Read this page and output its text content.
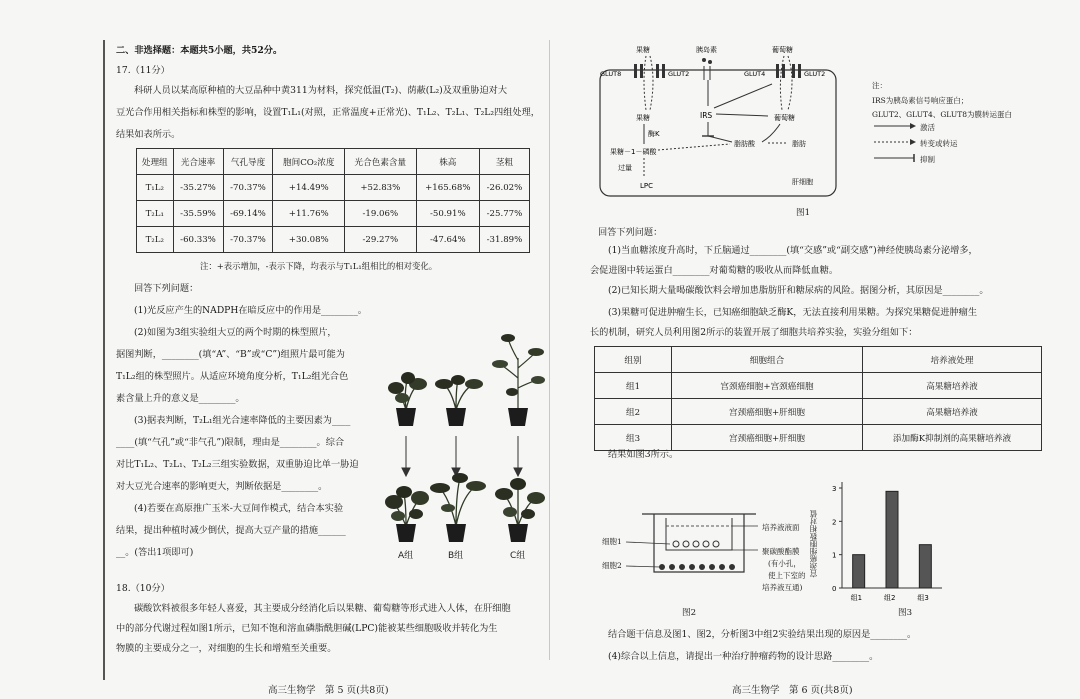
二、非选择题：本题共5小题，共52分。
17.（11分）
科研人员以某高原种植的大豆品种中黄311为材料，探究低温(T₂)、荫蔽(L₂)及双重胁迫对大
豆光合作用相关指标和株型的影响，设置T₁L₁(对照，正常温度+正常光)、T₁L₂、T₂L₁、T₂L₂四组处理，
结果如表所示。
处理组	光合速率	气孔导度	胞间CO₂浓度	光合色素含量	株高	茎粗
T₁L₂	-35.27%	-70.37%	+14.49%	+52.83%	+165.68%	-26.02%
T₂L₁	-35.59%	-69.14%	+11.76%	-19.06%	-50.91%	-25.77%
T₂L₂	-60.33%	-70.37%	+30.08%	-29.27%	-47.64%	-31.89%
注：+表示增加，-表示下降，均表示与T₁L₁组相比的相对变化。
回答下列问题：
(1)光反应产生的NADPH在暗反应中的作用是________。
(2)如图为3组实验组大豆的两个时期的株型照片，
据图判断，________(填“A”、“B”或“C”)组照片最可能为
T₁L₂组的株型照片。从适应环境角度分析，T₁L₂组光合色
素含量上升的意义是________。
(3)据表判断，T₂L₁组光合速率降低的主要因素为____
____(填“气孔”或“非气孔”)限制，理由是________。综合
对比T₁L₂、T₂L₁、T₂L₂三组实验数据，双重胁迫比单一胁迫
对大豆光合速率的影响更大，判断依据是________。
(4)若要在高原推广玉米-大豆间作模式，结合本实验
结果，提出种植时减少倒伏，提高大豆产量的措施______
__。(答出1项即可)	A组	B组	C组
18.（10分）
碳酸饮料被很多年轻人喜爱，其主要成分经消化后以果糖、葡萄糖等形式进入人体，在肝细胞
中的部分代谢过程如图1所示，已知不饱和溶血磷脂酰胆碱(LPC)能被某些细胞吸收并转化为生
物膜的主要成分之一，对细胞的生长和增殖至关重要。
高三生物学　第 5 页(共8页)
果糖	胰岛素	葡萄糖
GLUT8	GLUT2	GLUT4	GLUT2
果糖	IRS	葡萄糖
酶K
果糖－1－磷酸
脂肪酸	脂肪
过量
LPC	肝细胞
注：
IRS为胰岛素信号响应蛋白；
GLUT2、GLUT4、GLUT8为膜转运蛋白
激活
转变或转运
抑制
图1
回答下列问题：
(1)当血糖浓度升高时，下丘脑通过________(填“交感”或“副交感”)神经使胰岛素分泌增多，
会促进图中转运蛋白________对葡萄糖的吸收从而降低血糖。
(2)已知长期大量喝碳酸饮料会增加患脂肪肝和糖尿病的风险。据图分析，其原因是________。
(3)果糖可促进肿瘤生长，已知癌细胞缺乏酶K，无法直接利用果糖。为探究果糖促进肿瘤生
长的机制，研究人员利用图2所示的装置开展了细胞共培养实验，实验分组如下：
组别	细胞组合	培养液处理
组1	宫颈癌细胞+宫颈癌细胞	高果糖培养液
组2	宫颈癌细胞+肝细胞	高果糖培养液
组3	宫颈癌细胞+肝细胞	添加酶K抑制剂的高果糖培养液
结果如图3所示。
细胞1
细胞2
培养液液面
聚碳酸酯膜
(有小孔，
使上下室的
培养液互通)
图2
0
1
2
3
组1	组2	组3
宫颈癌细胞数相对值
图3
结合题干信息及图1、图2，分析图3中组2实验结果出现的原因是________。
(4)综合以上信息，请提出一种治疗肿瘤药物的设计思路________。
高三生物学　第 6 页(共8页)
